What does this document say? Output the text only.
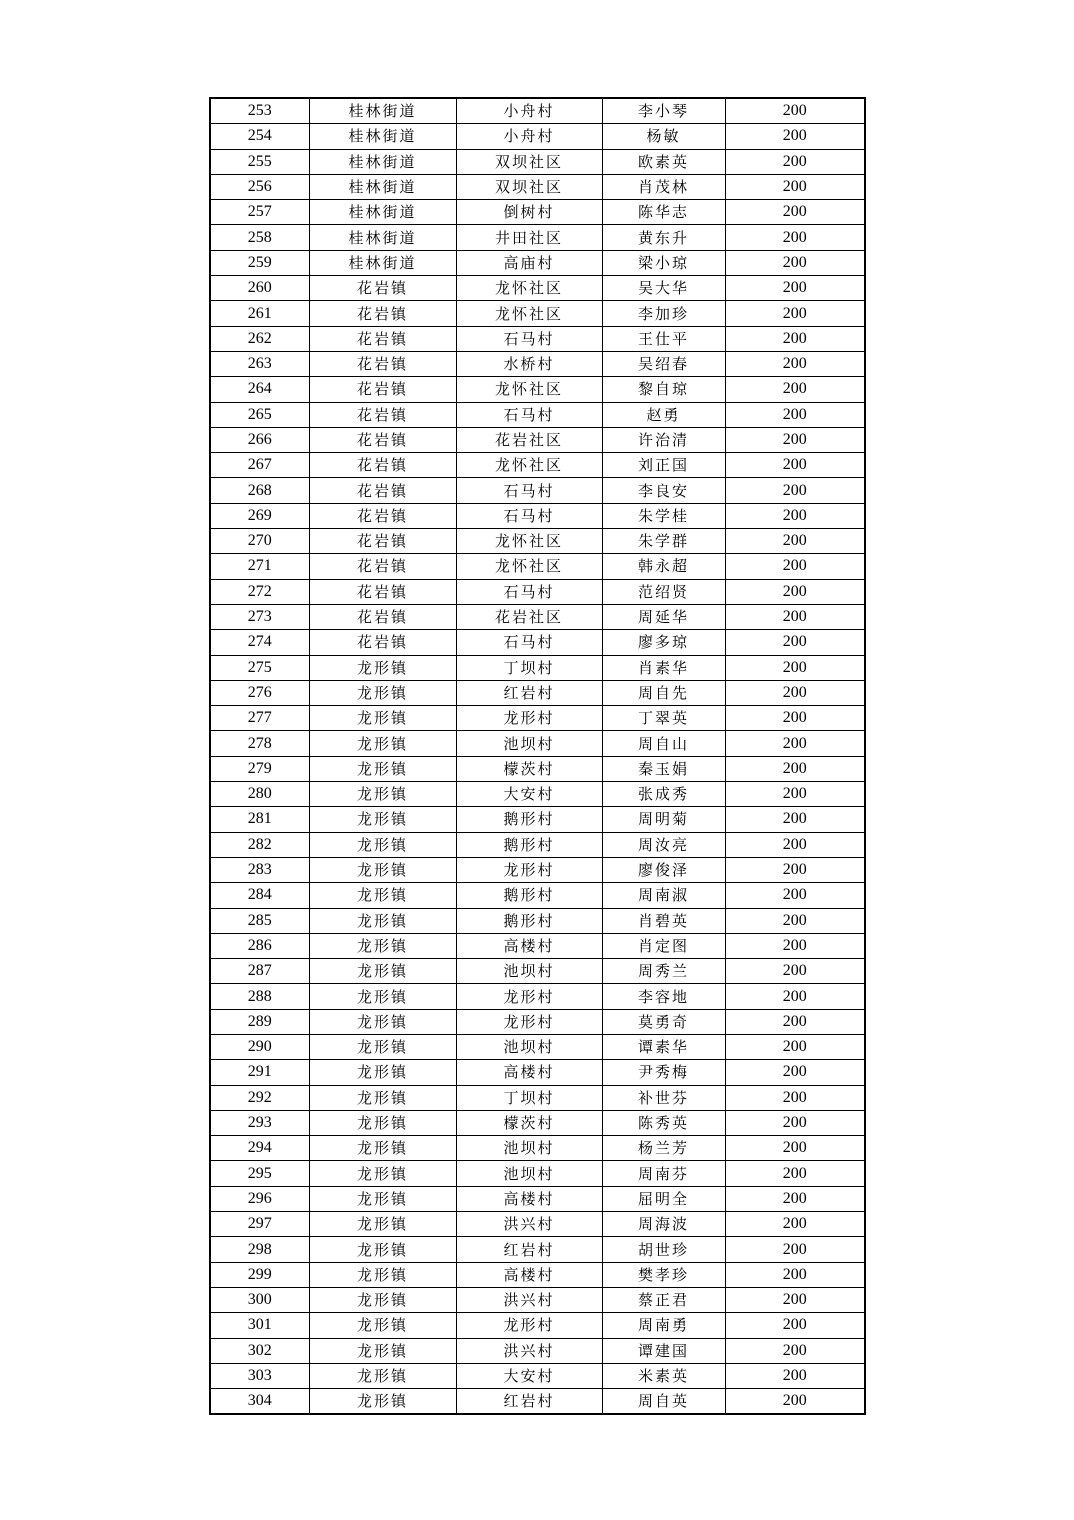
253	桂林街道	小舟村	李小琴	200
254	桂林街道	小舟村	杨敏	200
255	桂林街道	双坝社区	欧素英	200
256	桂林街道	双坝社区	肖茂林	200
257	桂林街道	倒树村	陈华志	200
258	桂林街道	井田社区	黄东升	200
259	桂林街道	高庙村	梁小琼	200
260	花岩镇	龙怀社区	吴大华	200
261	花岩镇	龙怀社区	李加珍	200
262	花岩镇	石马村	王仕平	200
263	花岩镇	水桥村	吴绍春	200
264	花岩镇	龙怀社区	黎自琼	200
265	花岩镇	石马村	赵勇	200
266	花岩镇	花岩社区	许治清	200
267	花岩镇	龙怀社区	刘正国	200
268	花岩镇	石马村	李良安	200
269	花岩镇	石马村	朱学桂	200
270	花岩镇	龙怀社区	朱学群	200
271	花岩镇	龙怀社区	韩永超	200
272	花岩镇	石马村	范绍贤	200
273	花岩镇	花岩社区	周延华	200
274	花岩镇	石马村	廖多琼	200
275	龙形镇	丁坝村	肖素华	200
276	龙形镇	红岩村	周自先	200
277	龙形镇	龙形村	丁翠英	200
278	龙形镇	池坝村	周自山	200
279	龙形镇	檬茨村	秦玉娟	200
280	龙形镇	大安村	张成秀	200
281	龙形镇	鹅形村	周明菊	200
282	龙形镇	鹅形村	周汝亮	200
283	龙形镇	龙形村	廖俊泽	200
284	龙形镇	鹅形村	周南淑	200
285	龙形镇	鹅形村	肖碧英	200
286	龙形镇	高楼村	肖定图	200
287	龙形镇	池坝村	周秀兰	200
288	龙形镇	龙形村	李容地	200
289	龙形镇	龙形村	莫勇奇	200
290	龙形镇	池坝村	谭素华	200
291	龙形镇	高楼村	尹秀梅	200
292	龙形镇	丁坝村	补世芬	200
293	龙形镇	檬茨村	陈秀英	200
294	龙形镇	池坝村	杨兰芳	200
295	龙形镇	池坝村	周南芬	200
296	龙形镇	高楼村	屈明全	200
297	龙形镇	洪兴村	周海波	200
298	龙形镇	红岩村	胡世珍	200
299	龙形镇	高楼村	樊孝珍	200
300	龙形镇	洪兴村	蔡正君	200
301	龙形镇	龙形村	周南勇	200
302	龙形镇	洪兴村	谭建国	200
303	龙形镇	大安村	米素英	200
304	龙形镇	红岩村	周自英	200
